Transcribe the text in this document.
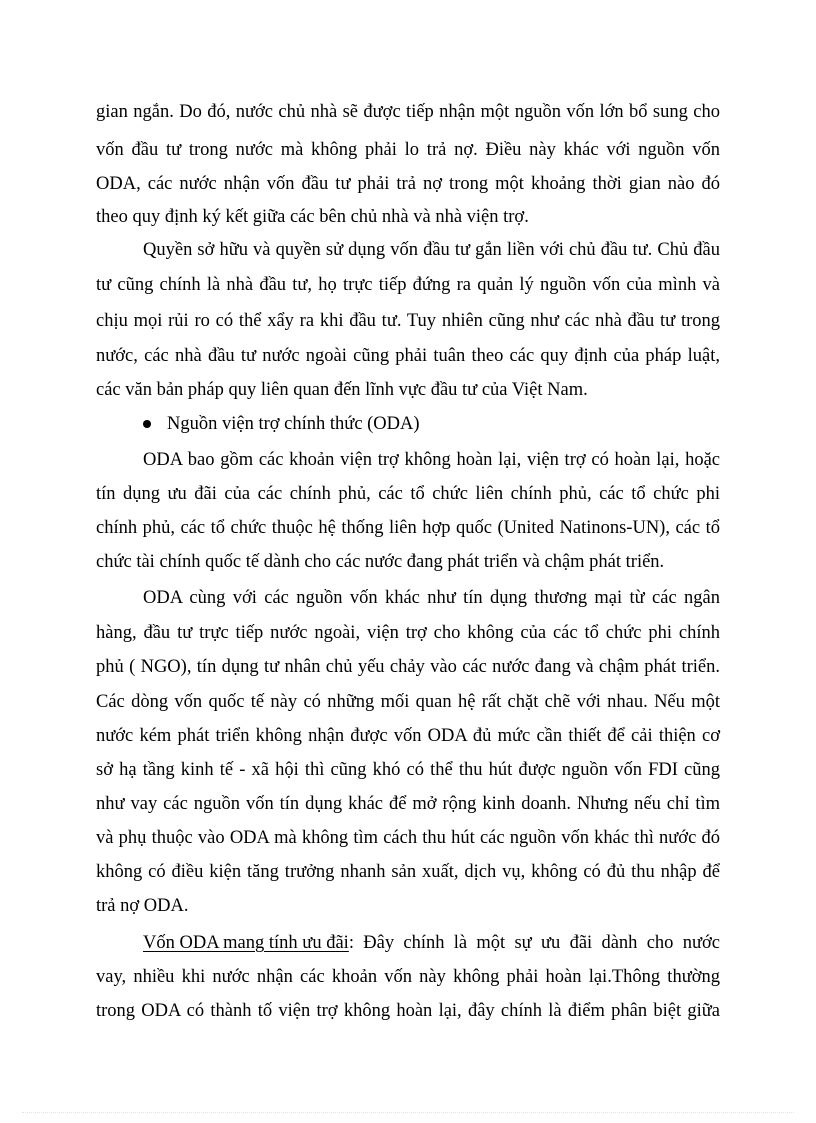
gian ngắn. Do đó, nước chủ nhà sẽ được tiếp nhận một nguồn vốn lớn bổ sung cho
vốn đầu tư trong nước mà không phải lo trả nợ. Điều này khác với nguồn vốn
ODA, các nước nhận vốn đầu tư phải trả nợ trong một khoảng thời gian nào đó
theo quy định ký kết giữa các bên chủ nhà và nhà viện trợ.
Quyền sở hữu và quyền sử dụng vốn đầu tư gắn liền với chủ đầu tư. Chủ đầu
tư cũng chính là nhà đầu tư, họ trực tiếp đứng ra quản lý nguồn vốn của mình và
chịu mọi rủi ro có thể xẩy ra khi đầu tư. Tuy nhiên cũng như các nhà đầu tư trong
nước, các nhà đầu tư nước ngoài cũng phải tuân theo các quy định của pháp luật,
các văn bản pháp quy liên quan đến lĩnh vực đầu tư của Việt Nam.
Nguồn viện trợ chính thức (ODA)
ODA bao gồm các khoản viện trợ không hoàn lại, viện trợ có hoàn lại, hoặc
tín dụng ưu đãi của các chính phủ, các tổ chức liên chính phủ, các tổ chức phi
chính phủ, các tổ chức thuộc hệ thống liên hợp quốc (United Natinons-UN), các tổ
chức tài chính quốc tế dành cho các nước đang phát triển và chậm phát triển.
ODA cùng với các nguồn vốn khác như tín dụng thương mại từ các ngân
hàng, đầu tư trực tiếp nước ngoài, viện trợ cho không của các tổ chức phi chính
phủ ( NGO), tín dụng tư nhân chủ yếu chảy vào các nước đang và chậm phát triển.
Các dòng vốn quốc tế này có những mối quan hệ rất chặt chẽ với nhau. Nếu một
nước kém phát triển không nhận được vốn ODA đủ mức cần thiết để cải thiện cơ
sở hạ tầng kinh tế - xã hội thì cũng khó có thể thu hút được nguồn vốn FDI cũng
như vay các nguồn vốn tín dụng khác để mở rộng kinh doanh. Nhưng nếu chỉ tìm
và phụ thuộc vào ODA mà không tìm cách thu hút các nguồn vốn khác thì nước đó
không có điều kiện tăng trưởng nhanh sản xuất, dịch vụ, không có đủ thu nhập để
trả nợ ODA.
Vốn ODA mang tính ưu đãi : Đây chính là một sự ưu đãi dành cho nước
vay, nhiều khi nước nhận các khoản vốn này không phải hoàn lại.Thông thường
trong ODA có thành tố viện trợ không hoàn lại, đây chính là điểm phân biệt giữa
